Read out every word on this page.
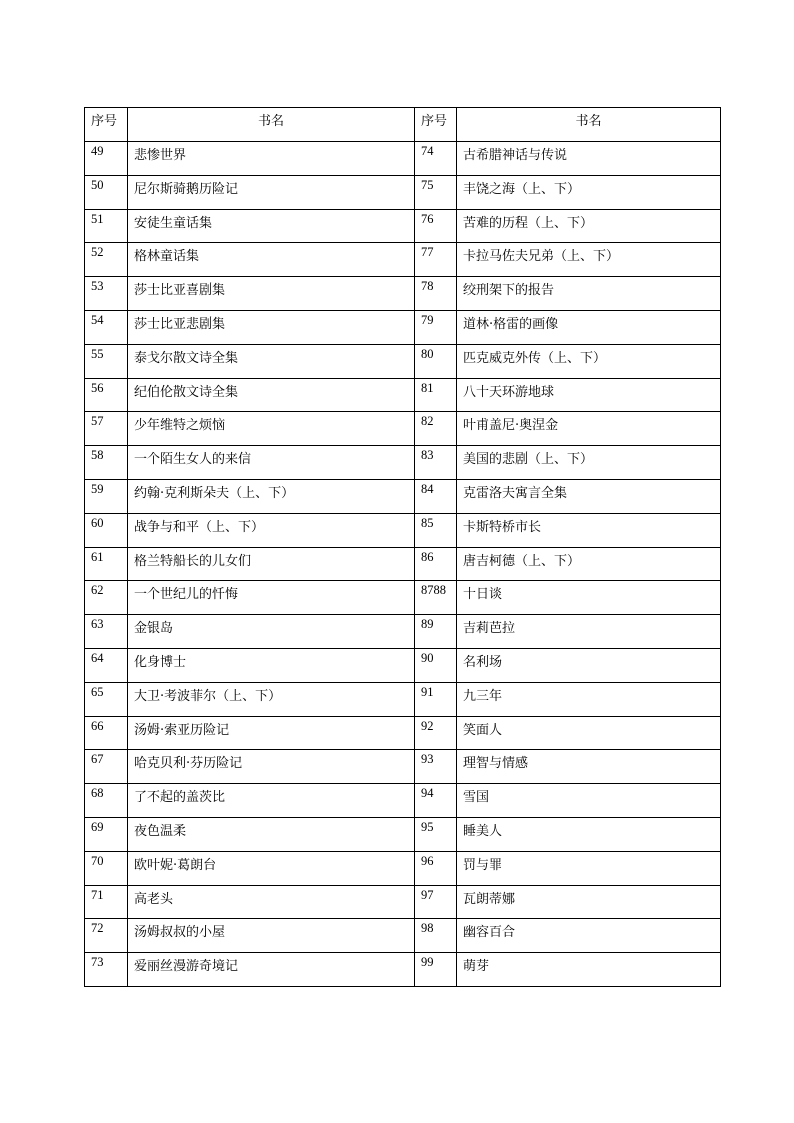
序号	书名	序号	书名
49	悲惨世界	74	古希腊神话与传说
50	尼尔斯骑鹅历险记	75	丰饶之海（上、下）
51	安徒生童话集	76	苦难的历程（上、下）
52	格林童话集	77	卡拉马佐夫兄弟（上、下）
53	莎士比亚喜剧集	78	绞刑架下的报告
54	莎士比亚悲剧集	79	道林·格雷的画像
55	泰戈尔散文诗全集	80	匹克威克外传（上、下）
56	纪伯伦散文诗全集	81	八十天环游地球
57	少年维特之烦恼	82	叶甫盖尼·奥涅金
58	一个陌生女人的来信	83	美国的悲剧（上、下）
59	约翰·克利斯朵夫（上、下）	84	克雷洛夫寓言全集
60	战争与和平（上、下）	85	卡斯特桥市长
61	格兰特船长的儿女们	86	唐吉柯德（上、下）
62	一个世纪儿的忏悔	8788	十日谈
63	金银岛	89	吉莉芭拉
64	化身博士	90	名利场
65	大卫·考波菲尔（上、下）	91	九三年
66	汤姆·索亚历险记	92	笑面人
67	哈克贝利·芬历险记	93	理智与情感
68	了不起的盖茨比	94	雪国
69	夜色温柔	95	睡美人
70	欧叶妮·葛朗台	96	罚与罪
71	高老头	97	瓦朗蒂娜
72	汤姆叔叔的小屋	98	幽容百合
73	爱丽丝漫游奇境记	99	萌芽
